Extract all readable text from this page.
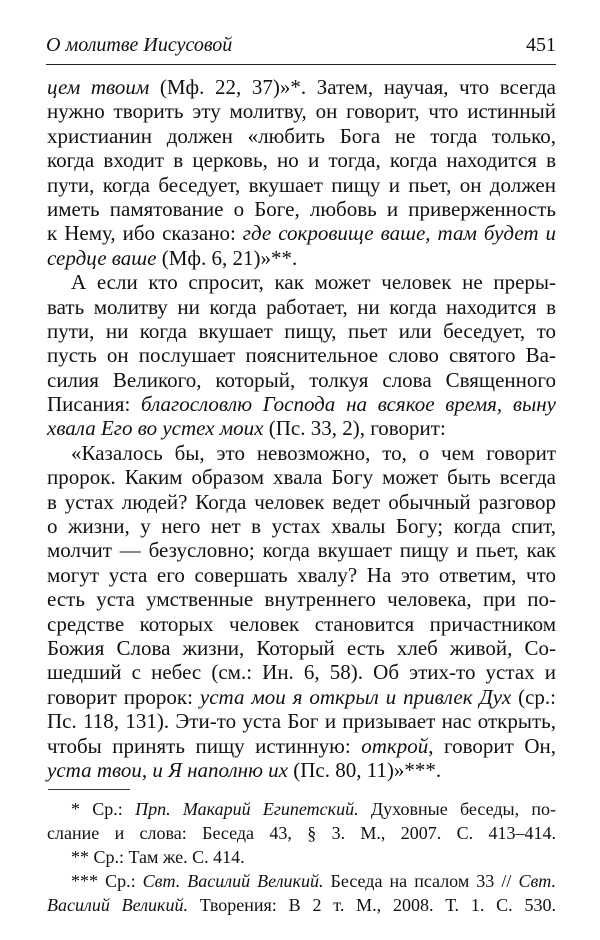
О молитве Иисусовой	451
цем твоим (Мф. 22, 37)»*. Затем, научая, что всегда
нужно творить эту молитву, он говорит, что истинный
христианин должен «любить Бога не тогда только,
когда входит в церковь, но и тогда, когда находится в
пути, когда беседует, вкушает пищу и пьет, он должен
иметь памятование о Боге, любовь и приверженность
к Нему, ибо сказано: где сокровище ваше, там будет и
сердце ваше (Мф. 6, 21)»**.
А если кто спросит, как может человек не преры-
вать молитву ни когда работает, ни когда находится в
пути, ни когда вкушает пищу, пьет или беседует, то
пусть он послушает пояснительное слово святого Ва-
силия Великого, который, толкуя слова Священного
Писания: благословлю Господа на всякое время, выну
хвала Его во устех моих (Пс. 33, 2), говорит:
«Казалось бы, это невозможно, то, о чем говорит
пророк. Каким образом хвала Богу может быть всегда
в устах людей? Когда человек ведет обычный разговор
о жизни, у него нет в устах хвалы Богу; когда спит,
молчит — безусловно; когда вкушает пищу и пьет, как
могут уста его совершать хвалу? На это ответим, что
есть уста умственные внутреннего человека, при по-
средстве которых человек становится причастником
Божия Слова жизни, Который есть хлеб живой, Со-
шедший с небес (см.: Ин. 6, 58). Об этих-то устах и
говорит пророк: уста мои я открыл и привлек Дух (ср.:
Пс. 118, 131). Эти-то уста Бог и призывает нас открыть,
чтобы принять пищу истинную: открой, говорит Он,
уста твои, и Я наполню их (Пс. 80, 11)»***.
* Ср.: Прп. Макарий Египетский. Духовные беседы, по-
слание и слова: Беседа 43, § 3. М., 2007. С. 413–414.
** Ср.: Там же. С. 414.
*** Ср.: Свт. Василий Великий. Беседа на псалом 33 // Свт.
Василий Великий. Творения: В 2 т. М., 2008. Т. 1. С. 530.
